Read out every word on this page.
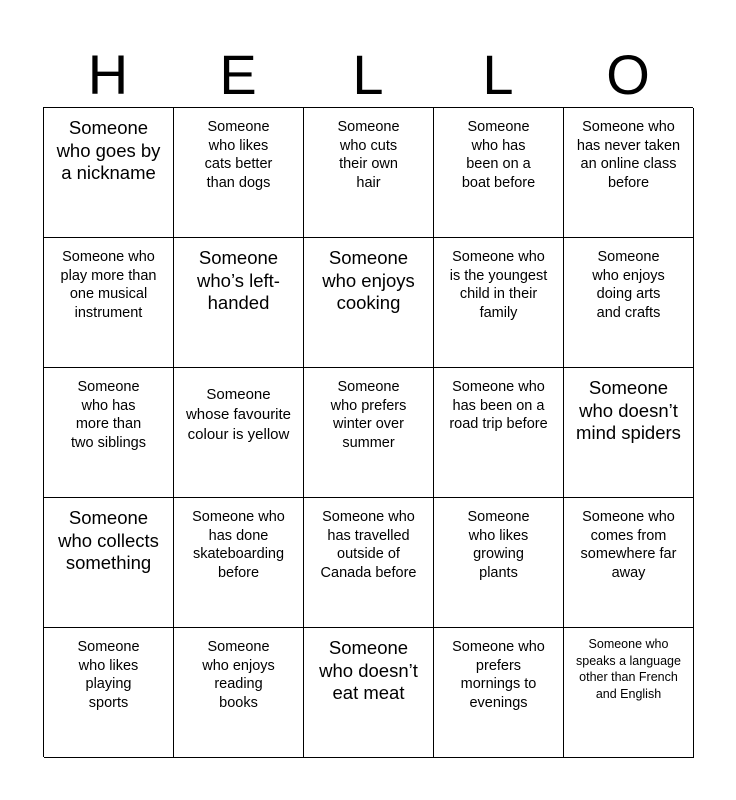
H	E	L	L	O
Someone who goes by a nickname
Someone who likes cats better than dogs
Someone who cuts their own hair
Someone who has been on a boat before
Someone who has never taken an online class before
Someone who play more than one musical instrument
Someone who’s left-handed
Someone who enjoys cooking
Someone who is the youngest child in their family
Someone who enjoys doing arts and crafts
Someone who has more than two siblings
Someone whose favourite colour is yellow
Someone who prefers winter over summer
Someone who has been on a road trip before
Someone who doesn’t mind spiders
Someone who collects something
Someone who has done skateboarding before
Someone who has travelled outside of Canada before
Someone who likes growing plants
Someone who comes from somewhere far away
Someone who likes playing sports
Someone who enjoys reading books
Someone who doesn’t eat meat
Someone who prefers mornings to evenings
Someone who speaks a language other than French and English
